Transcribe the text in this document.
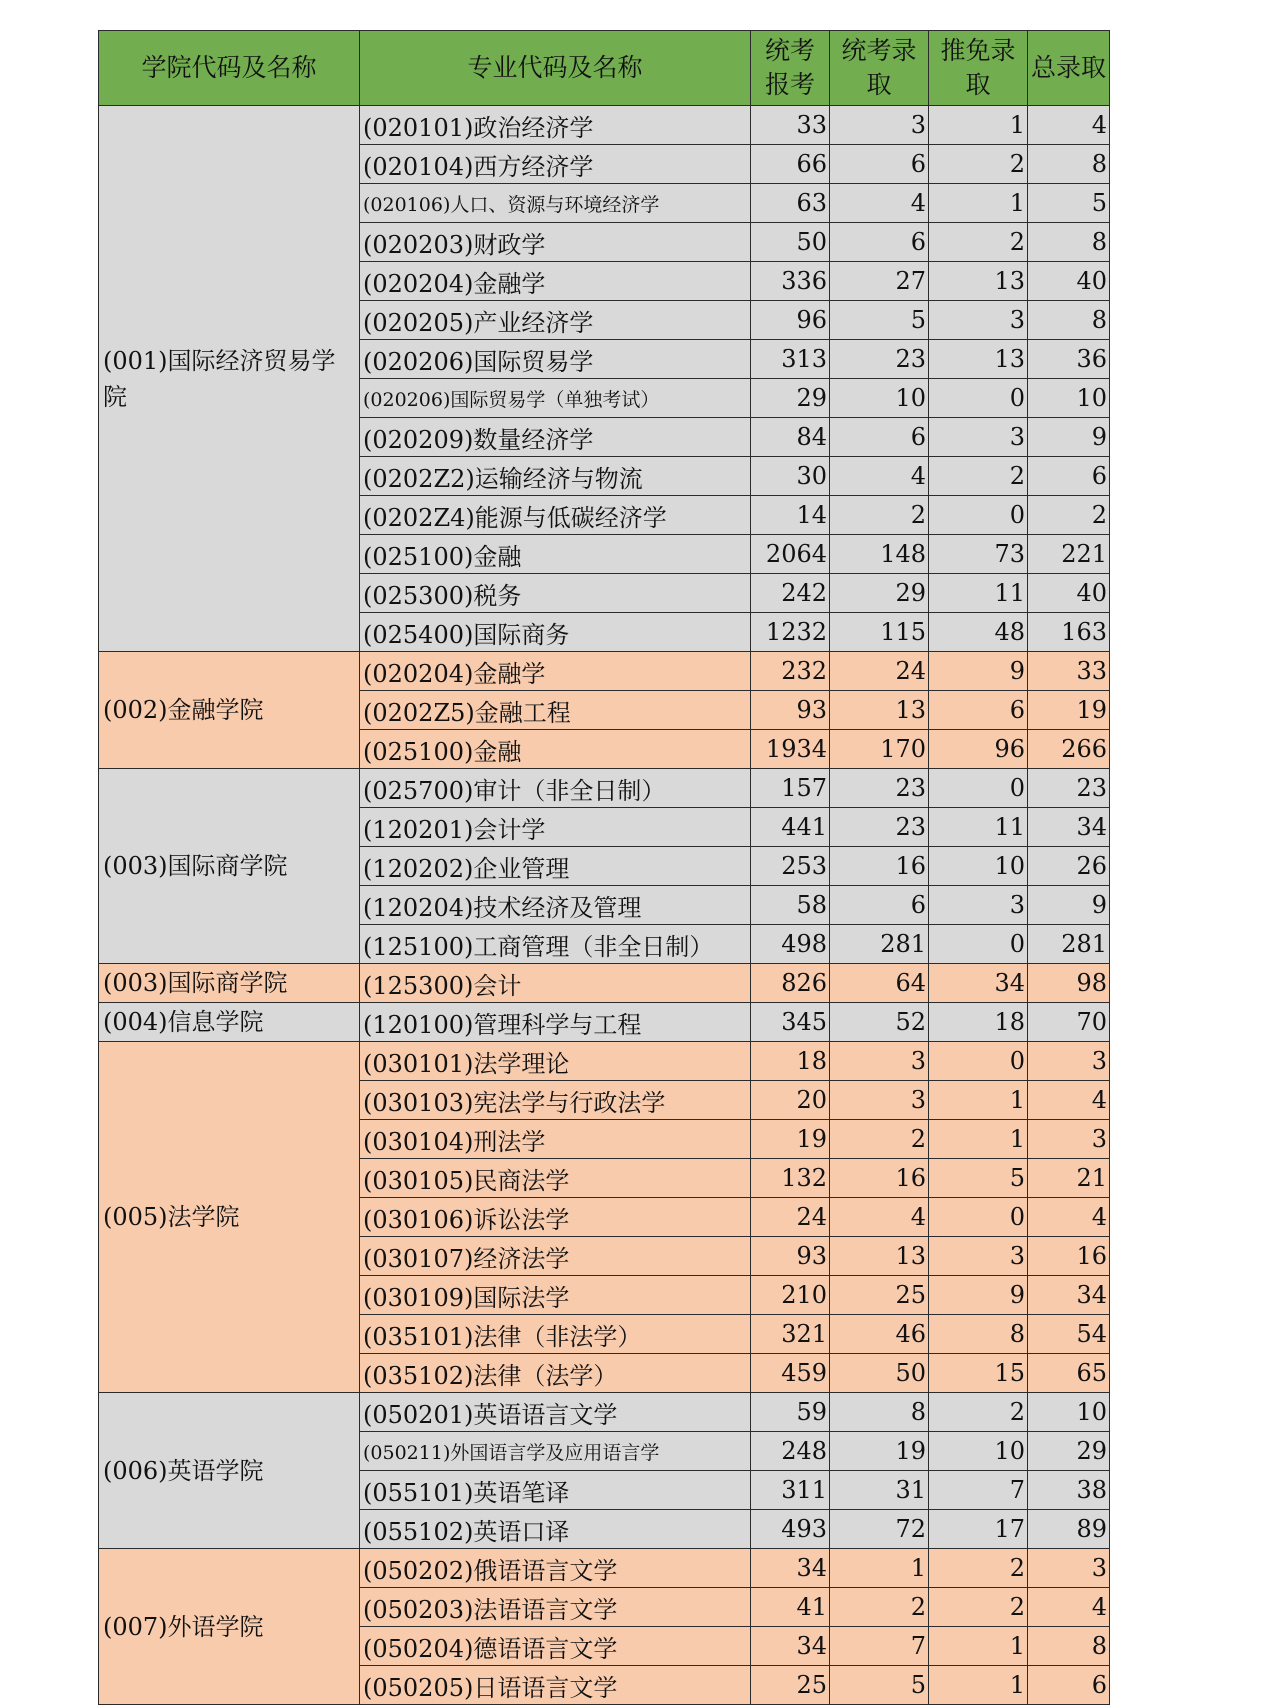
学院代码及名称	专业代码及名称	统考报考	统考录取	推免录取	总录取
(001)国际经济贸易学院	(020101)政治经济学	33	3	1	4
	(020104)西方经济学	66	6	2	8
	(020106)人口、资源与环境经济学	63	4	1	5
	(020203)财政学	50	6	2	8
	(020204)金融学	336	27	13	40
	(020205)产业经济学	96	5	3	8
	(020206)国际贸易学	313	23	13	36
	(020206)国际贸易学（单独考试）	29	10	0	10
	(020209)数量经济学	84	6	3	9
	(0202Z2)运输经济与物流	30	4	2	6
	(0202Z4)能源与低碳经济学	14	2	0	2
	(025100)金融	2064	148	73	221
	(025300)税务	242	29	11	40
	(025400)国际商务	1232	115	48	163
(002)金融学院	(020204)金融学	232	24	9	33
	(0202Z5)金融工程	93	13	6	19
	(025100)金融	1934	170	96	266
(003)国际商学院	(025700)审计（非全日制）	157	23	0	23
	(120201)会计学	441	23	11	34
	(120202)企业管理	253	16	10	26
	(120204)技术经济及管理	58	6	3	9
	(125100)工商管理（非全日制）	498	281	0	281
(003)国际商学院	(125300)会计	826	64	34	98
(004)信息学院	(120100)管理科学与工程	345	52	18	70
(005)法学院	(030101)法学理论	18	3	0	3
	(030103)宪法学与行政法学	20	3	1	4
	(030104)刑法学	19	2	1	3
	(030105)民商法学	132	16	5	21
	(030106)诉讼法学	24	4	0	4
	(030107)经济法学	93	13	3	16
	(030109)国际法学	210	25	9	34
	(035101)法律（非法学）	321	46	8	54
	(035102)法律（法学）	459	50	15	65
(006)英语学院	(050201)英语语言文学	59	8	2	10
	(050211)外国语言学及应用语言学	248	19	10	29
	(055101)英语笔译	311	31	7	38
	(055102)英语口译	493	72	17	89
(007)外语学院	(050202)俄语语言文学	34	1	2	3
	(050203)法语语言文学	41	2	2	4
	(050204)德语语言文学	34	7	1	8
	(050205)日语语言文学	25	5	1	6
